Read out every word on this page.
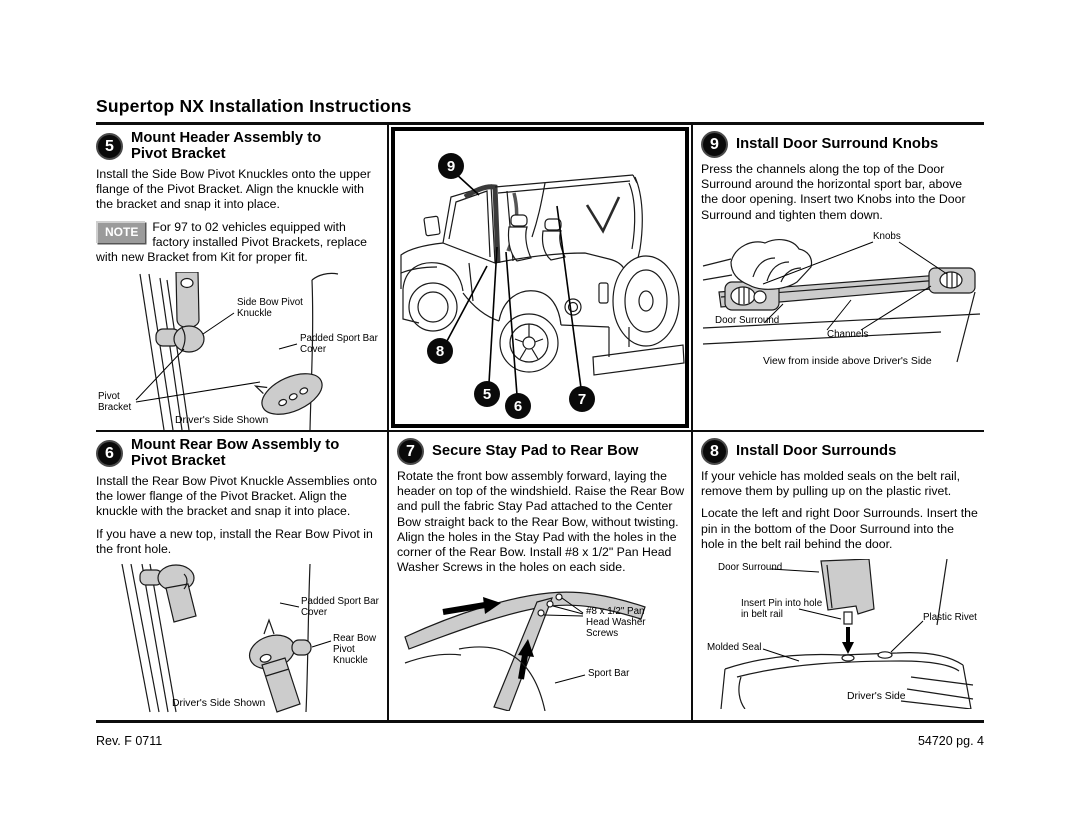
Supertop NX Installation Instructions
5	Mount Header Assembly to Pivot Bracket

Install the Side Bow Pivot Knuckles onto the upper flange of the Pivot Bracket. Align the knuckle with the bracket and snap it into place.

NOTE	For 97 to 02 vehicles equipped with factory installed Pivot Brackets, replace with new Bracket from Kit for proper fit.

Side Bow Pivot Knuckle
Padded Sport Bar Cover
Pivot Bracket
Driver's Side Shown
9
8
5
6	7
9	Install Door Surround Knobs

Press the channels along the top of the Door Surround around the horizontal sport bar, above the door opening. Insert two Knobs into the Door Surround and tighten them down.

Knobs
Door Surround
Channels
View from inside above Driver's Side
6	Mount Rear Bow Assembly to Pivot Bracket

Install the Rear Bow Pivot Knuckle Assemblies onto the lower flange of the Pivot Bracket. Align the knuckle with the bracket and snap it into place.

If you have a new top, install the Rear Bow Pivot in the front hole.

Padded Sport Bar Cover
Rear Bow Pivot Knuckle
Driver's Side Shown
7	Secure Stay Pad to Rear Bow

Rotate the front bow assembly forward, laying the header on top of the windshield. Raise the Rear Bow and pull the fabric Stay Pad attached to the Center Bow straight back to the Rear Bow, without twisting. Align the holes in the Stay Pad with the holes in the corner of the Rear Bow. Install #8 x 1/2" Pan Head Washer Screws in the holes on each side.

#8 x 1/2" Pan Head Washer Screws
Sport Bar
8	Install Door Surrounds

If your vehicle has molded seals on the belt rail, remove them by pulling up on the plastic rivet.

Locate the left and right Door Surrounds. Insert the pin in the bottom of the Door Surround into the hole in the belt rail behind the door.

Door Surround
Insert Pin into hole in belt rail	Plastic Rivet
Molded Seal
Driver's Side
Rev. F 0711	54720 pg. 4
